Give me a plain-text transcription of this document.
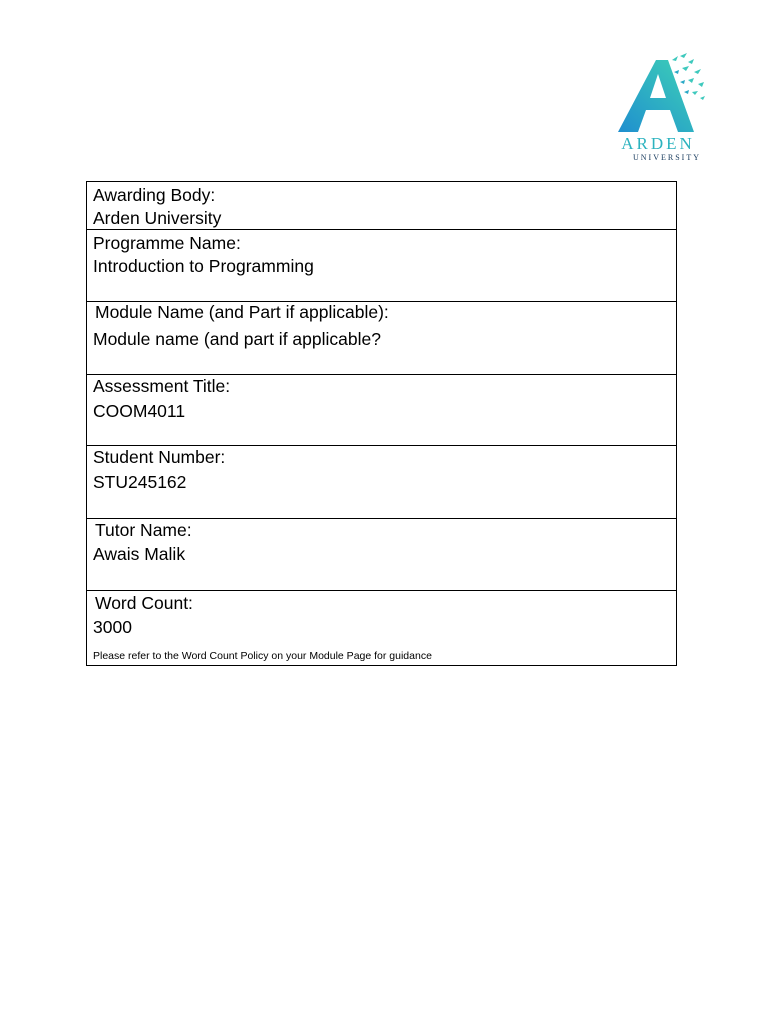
ARDEN
UNIVERSITY
Awarding Body:
Arden University
Programme Name:
Introduction to Programming
Module Name (and Part if applicable):
Module name (and part if applicable?
Assessment Title:
COOM4011
Student Number:
STU245162
Tutor Name:
Awais Malik
Word Count:
3000
Please refer to the Word Count Policy on your Module Page for guidance
